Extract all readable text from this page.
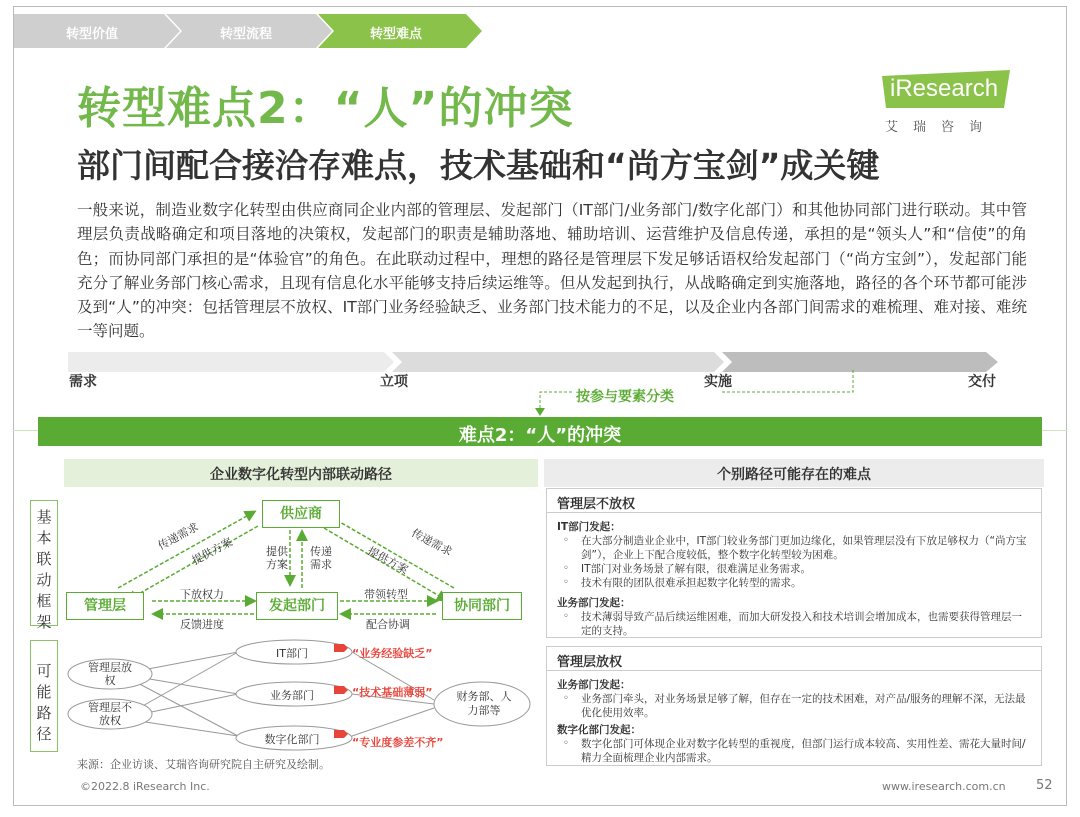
转型价值	转型流程	转型难点
转型难点2：“人”的冲突
部门间配合接洽存难点，技术基础和“尚方宝剑”成关键
iResearch
艾瑞咨询
一般来说，制造业数字化转型由供应商同企业内部的管理层、发起部门（IT部门/业务部门/数字化部门）和其他协同部门进行联动。其中管理层负责战略确定和项目落地的决策权，发起部门的职责是辅助落地、辅助培训、运营维护及信息传递，承担的是“领头人”和“信使”的角色；而协同部门承担的是“体验官”的角色。在此联动过程中，理想的路径是管理层下发足够话语权给发起部门（“尚方宝剑”），发起部门能充分了解业务部门核心需求，且现有信息化水平能够支持后续运维等。但从发起到执行，从战略确定到实施落地，路径的各个环节都可能涉及到“人”的冲突：包括管理层不放权、IT部门业务经验缺乏、业务部门技术能力的不足，以及企业内各部门间需求的难梳理、难对接、难统一等问题。
需求	立项	实施	交付
按参与要素分类
难点2：“人”的冲突
企业数字化转型内部联动路径	个别路径可能存在的难点
基本联动框架
可能路径
供应商
管理层	发起部门	协同部门
传递需求
提供方案	传递需求
提供方案
提供方案
传递需求
下放权力
反馈进度
带领转型
配合协调
管理层放权
管理层不放权
IT部门
业务部门
数字化部门
财务部、人力部等
“业务经验缺乏”
“技术基础薄弱”
“专业度参差不齐”
管理层不放权
IT部门发起：
◦ 在大部分制造业企业中，IT部门较业务部门更加边缘化，如果管理层没有下放足够权力（“尚方宝剑”），企业上下配合度较低，整个数字化转型较为困难。
◦ IT部门对业务场景了解有限，很难满足业务需求。
◦ 技术有限的团队很难承担起数字化转型的需求。
业务部门发起：
◦ 技术薄弱导致产品后续运维困难，而加大研发投入和技术培训会增加成本，也需要获得管理层一定的支持。
管理层放权
业务部门发起：
◦ 业务部门牵头，对业务场景足够了解，但存在一定的技术困难，对产品/服务的理解不深，无法最优化使用效率。
数字化部门发起：
◦ 数字化部门可体现企业对数字化转型的重视度，但部门运行成本较高、实用性差、需花大量时间/精力全面梳理企业内部需求。
来源：企业访谈、艾瑞咨询研究院自主研究及绘制。
©2022.8 iResearch Inc.	www.iresearch.com.cn 52
